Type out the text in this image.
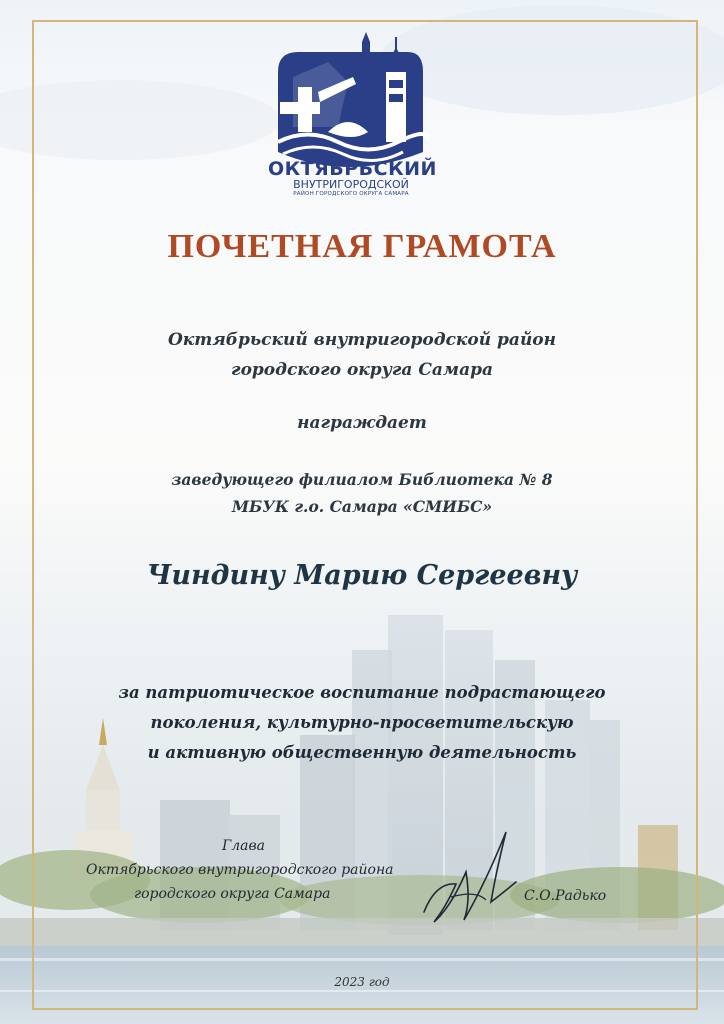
ОКТЯБРЬСКИЙ
ВНУТРИГОРОДСКОЙ
РАЙОН ГОРОДСКОГО ОКРУГА САМАРА
ПОЧЕТНАЯ ГРАМОТА
Октябрьский внутригородской район
городского округа Самара
награждает
заведующего филиалом Библиотека № 8
МБУК г.о. Самара «СМИБС»
Чиндину Марию Сергеевну
за патриотическое воспитание подрастающего
поколения, культурно-просветительскую
и активную общественную деятельность
Глава
Октябрьского внутригородского района
городского округа Самара	С.О.Радько
2023 год
